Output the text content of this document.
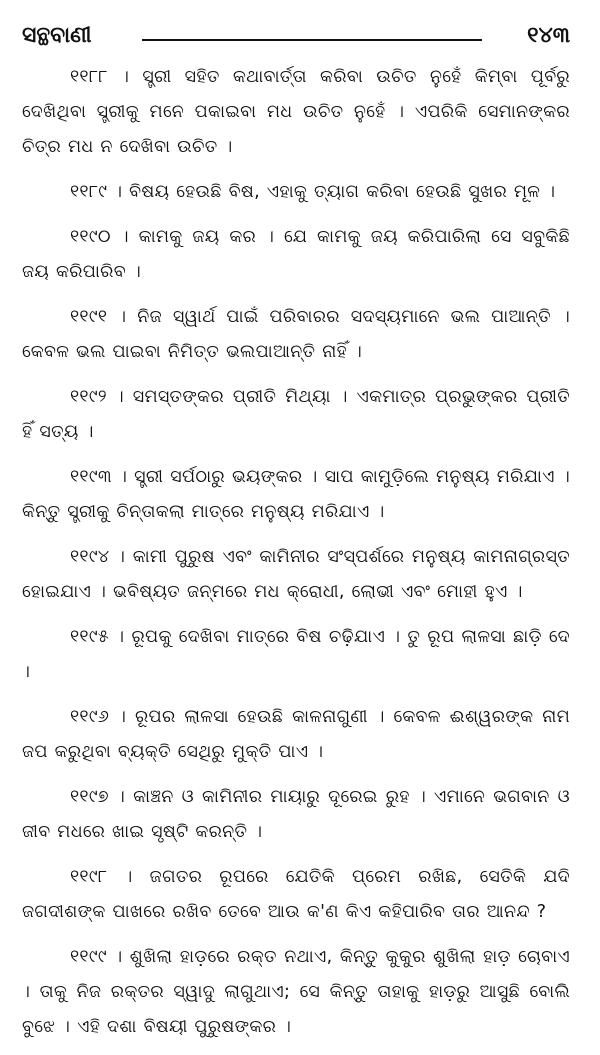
ସନ୍ଥବାଣୀ	୧୪୩

୧୧୮୮ । ସ୍ତ୍ରୀ ସହିତ କଥାବାର୍ତ୍ତା କରିବା ଉଚିତ ନୁହେଁ କିମ୍ବା ପୂର୍ବରୁ ଦେଖିଥିବା ସ୍ତ୍ରୀକୁ ମନେ ପକାଇବା ମଧ ଉଚିତ ନୁହେଁ । ଏପରିକି ସେମାନଙ୍କର ଚିତ୍ର ମଧ ନ ଦେଖିବା ଉଚିତ ।

୧୧୮୯ । ବିଷୟ ହେଉଛି ବିଷ, ଏହାକୁ ତ୍ୟାଗ କରିବା ହେଉଛି ସୁଖର ମୂଳ ।

୧୧୯୦ । କାମକୁ ଜୟ କର । ଯେ କାମକୁ ଜୟ କରିପାରିଲା ସେ ସବୁକିଛି ଜୟ କରିପାରିବ ।

୧୧୯୧ । ନିଜ ସ୍ୱାର୍ଥ ପାଇଁ ପରିବାରର ସଦସ୍ୟମାନେ ଭଲ ପାଆନ୍ତି । କେବଳ ଭଲ ପାଇବା ନିମିତ୍ତ ଭଲପାଆନ୍ତି ନାହିଁ ।

୧୧୯୨ । ସମସ୍ତଙ୍କର ପ୍ରୀତି ମିଥ୍ୟା । ଏକମାତ୍ର ପ୍ରଭୁଙ୍କର ପ୍ରୀତି ହିଁ ସତ୍ୟ ।

୧୧୯୩ । ସ୍ତ୍ରୀ ସର୍ପଠାରୁ ଭୟଙ୍କର । ସାପ କାମୁଡ଼ିଲେ ମନୁଷ୍ୟ ମରିଯାଏ । କିନ୍ତୁ ସ୍ତ୍ରୀକୁ ଚିନ୍ତାକଲା ମାତ୍ରେ ମନୁଷ୍ୟ ମରିଯାଏ ।

୧୧୯୪ । କାମୀ ପୁରୁଷ ଏବଂ କାମିନୀର ସଂସ୍ପର୍ଶରେ ମନୁଷ୍ୟ କାମନାଗ୍ରସ୍ତ ହୋଇଯାଏ । ଭବିଷ୍ୟତ ଜନ୍ମରେ ମଧ କ୍ରୋଧୀ, ଲୋଭୀ ଏବଂ ମୋହୀ ହୁଏ ।

୧୧୯୫ । ରୂପକୁ ଦେଖିବା ମାତ୍ରେ ବିଷ ଚଢ଼ିଯାଏ । ତୁ ରୂପ ଲାଳସା ଛାଡ଼ି ଦେ ।

୧୧୯୬ । ରୂପର ଲାଳସା ହେଉଛି କାଳନାଗୁଣୀ । କେବଳ ଈଶ୍ୱରଙ୍କ ନାମ ଜପ କରୁଥିବା ବ୍ୟକ୍ତି ସେଥିରୁ ମୁକ୍ତି ପାଏ ।

୧୧୯୭ । କାଞ୍ଚନ ଓ କାମିନୀର ମାୟାରୁ ଦୂରେଇ ରୁହ । ଏମାନେ ଭଗବାନ ଓ ଜୀବ ମଧରେ ଖାଇ ସୃଷ୍ଟି କରନ୍ତି ।

୧୧୯୮ । ଜଗତର ରୂପରେ ଯେତିକି ପ୍ରେମ ରଖିଛ, ସେତିକି ଯଦି ଜଗଦୀଶଙ୍କ ପାଖରେ ରଖିବ ତେବେ ଆଉ କ'ଣ କିଏ କହିପାରିବ ତାର ଆନନ୍ଦ ?

୧୧୯୯ । ଶୁଖିଲା ହାଡ଼ରେ ରକ୍ତ ନଥାଏ, କିନ୍ତୁ କୁକୁର ଶୁଖିଲା ହାଡ଼ ଚୋବାଏ । ତାକୁ ନିଜ ରକ୍ତର ସ୍ୱାଦୁ ଲାଗୁଥାଏ; ସେ କିନ୍ତୁ ତାହାକୁ ହାଡ଼ରୁ ଆସୁଛି ବୋଲି ବୁଝେ । ଏହି ଦଶା ବିଷୟୀ ପୁରୁଷଙ୍କର ।
